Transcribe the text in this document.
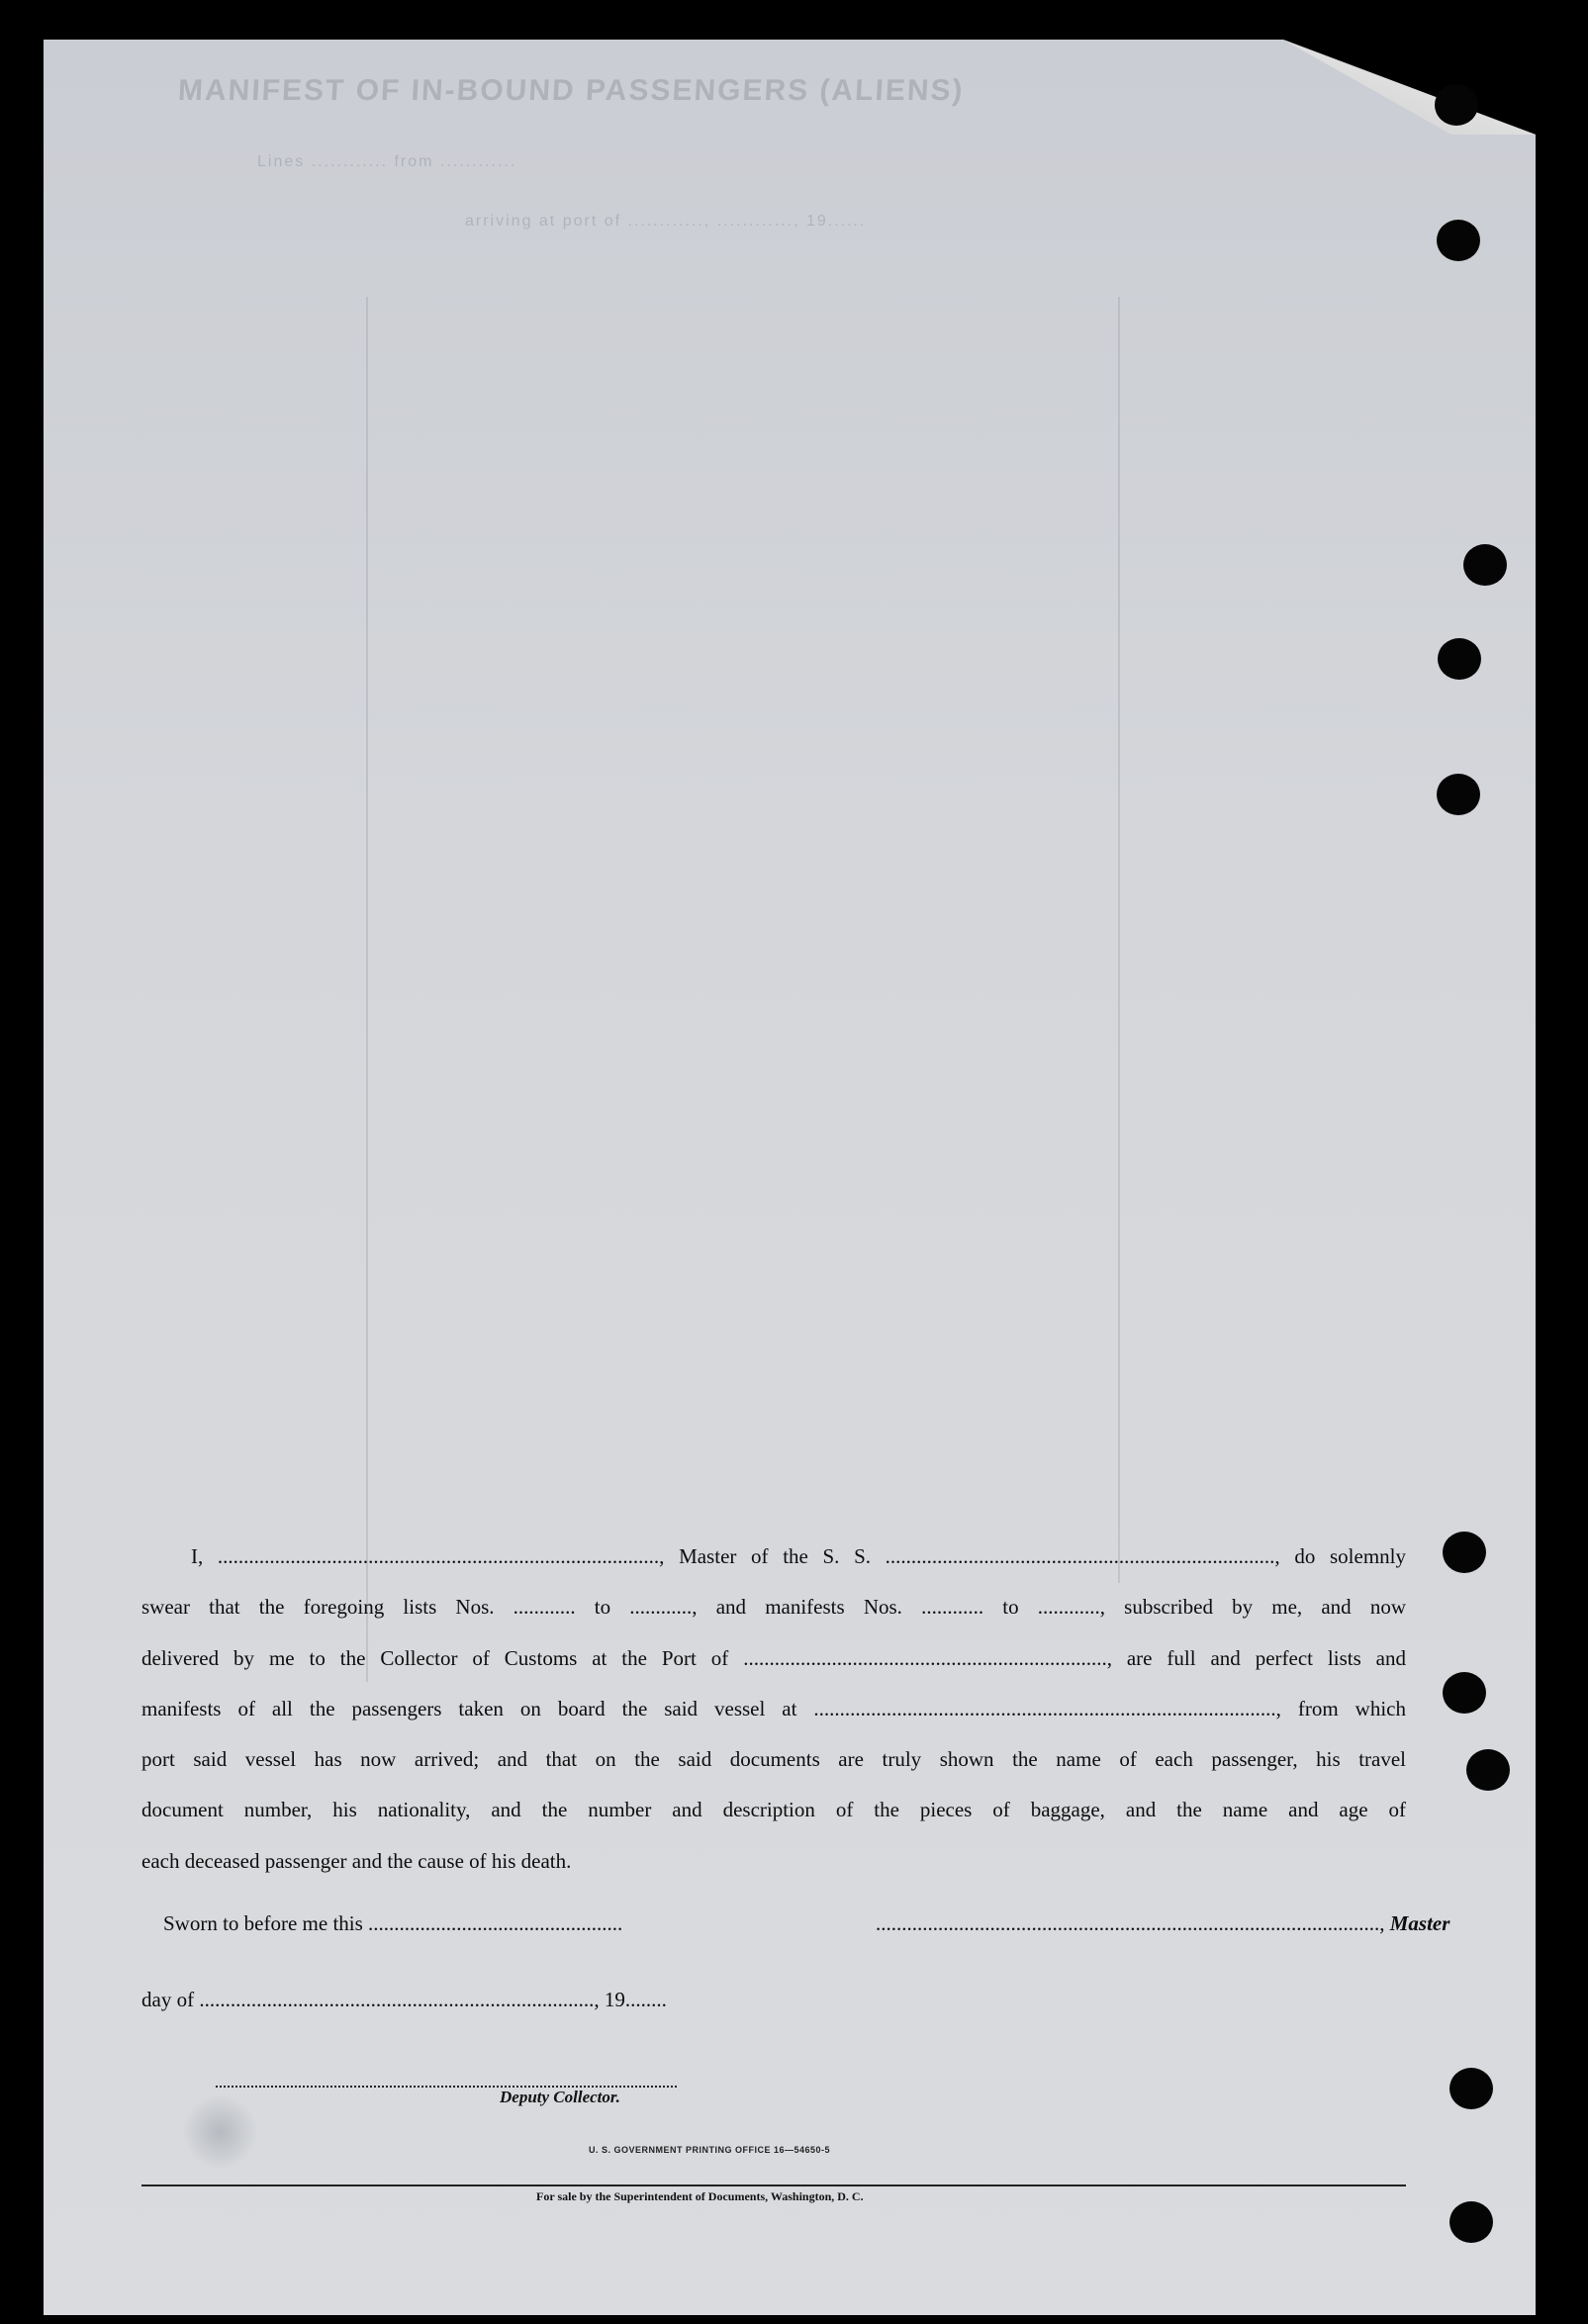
MANIFEST OF IN-BOUND PASSENGERS (ALIENS)
Lines ............ from ............
arriving at port of ............, ............, 19......
I, ....................................................................................., Master of the S. S. ..........................................................................., do solemnly
swear that the foregoing lists Nos. ............ to ............, and manifests Nos. ............ to ............, subscribed by me, and now
delivered by me to the Collector of Customs at the Port of ......................................................................, are full and perfect lists and
manifests of all the passengers taken on board the said vessel at ........................................................................................., from which
port said vessel has now arrived; and that on the said documents are truly shown the name of each passenger, his travel
document number, his nationality, and the number and description of the pieces of baggage, and the name and age of
each deceased passenger and the cause of his death.
Sworn to before me this .................................................	................................................................................................., Master
day of ............................................................................, 19........
Deputy Collector.
U. S. GOVERNMENT PRINTING OFFICE 16—54650-5
For sale by the Superintendent of Documents, Washington, D. C.
